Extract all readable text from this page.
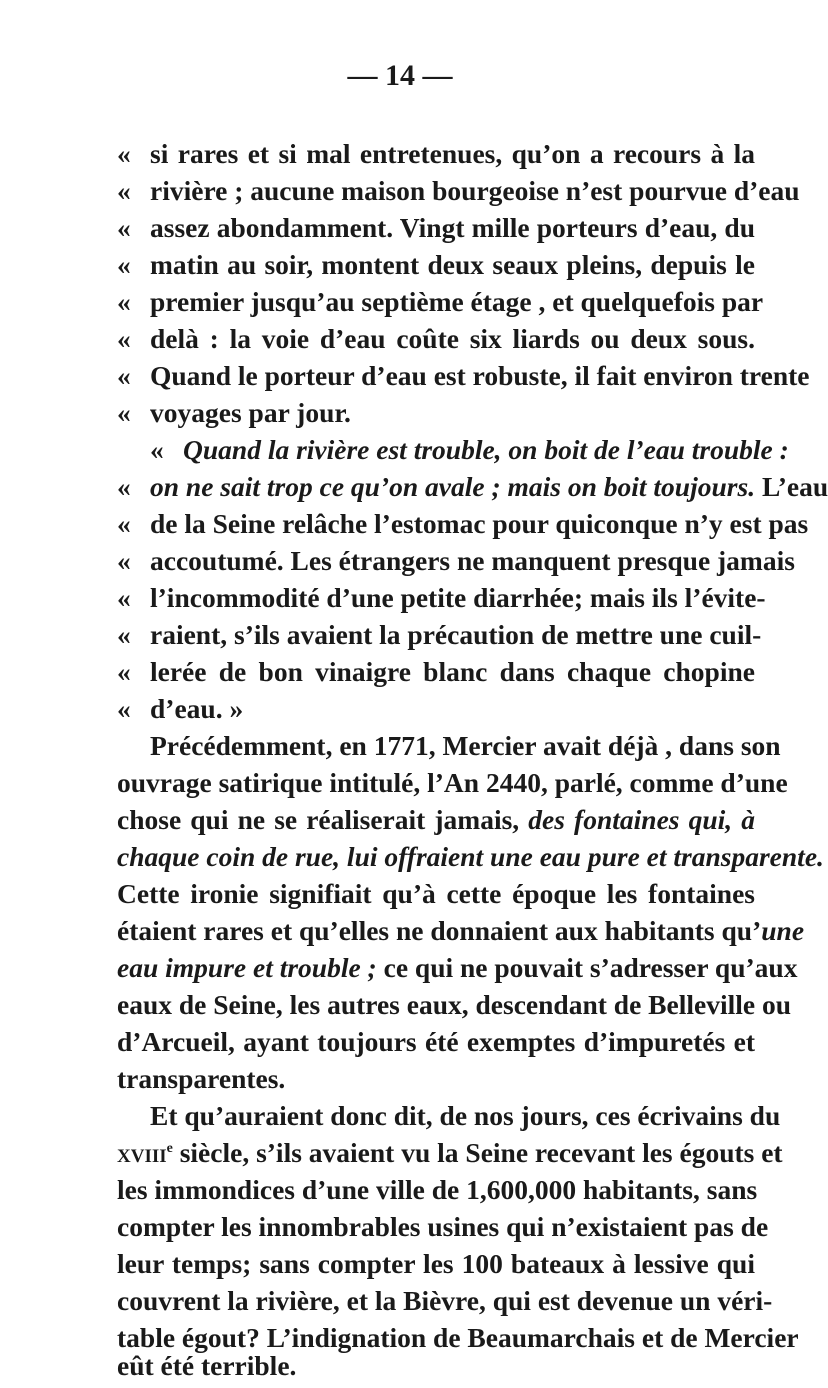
— 14 —
« si rares et si mal entretenues, qu’on a recours à la
« rivière ; aucune maison bourgeoise n’est pourvue d’eau
« assez abondamment. Vingt mille porteurs d’eau, du
« matin au soir, montent deux seaux pleins, depuis le
« premier jusqu’au septième étage , et quelquefois par
« delà : la voie d’eau coûte six liards ou deux sous.
« Quand le porteur d’eau est robuste, il fait environ trente
« voyages par jour.
« Quand la rivière est trouble, on boit de l’eau trouble :
« on ne sait trop ce qu’on avale ; mais on boit toujours. L’eau
« de la Seine relâche l’estomac pour quiconque n’y est pas
« accoutumé. Les étrangers ne manquent presque jamais
« l’incommodité d’une petite diarrhée; mais ils l’évite-
« raient, s’ils avaient la précaution de mettre une cuil-
« lerée de bon vinaigre blanc dans chaque chopine
« d’eau. »
Précédemment, en 1771, Mercier avait déjà , dans son
ouvrage satirique intitulé, l’An 2440, parlé, comme d’une
chose qui ne se réaliserait jamais, des fontaines qui, à
chaque coin de rue, lui offraient une eau pure et transparente.
Cette ironie signifiait qu’à cette époque les fontaines
étaient rares et qu’elles ne donnaient aux habitants qu’une
eau impure et trouble ; ce qui ne pouvait s’adresser qu’aux
eaux de Seine, les autres eaux, descendant de Belleville ou
d’Arcueil, ayant toujours été exemptes d’impuretés et
transparentes.
Et qu’auraient donc dit, de nos jours, ces écrivains du
xviii$^e$ siècle, s’ils avaient vu la Seine recevant les égouts et
les immondices d’une ville de 1,600,000 habitants, sans
compter les innombrables usines qui n’existaient pas de
leur temps; sans compter les 100 bateaux à lessive qui
couvrent la rivière, et la Bièvre, qui est devenue un véri-
table égout? L’indignation de Beaumarchais et de Mercier
eût été terrible.
